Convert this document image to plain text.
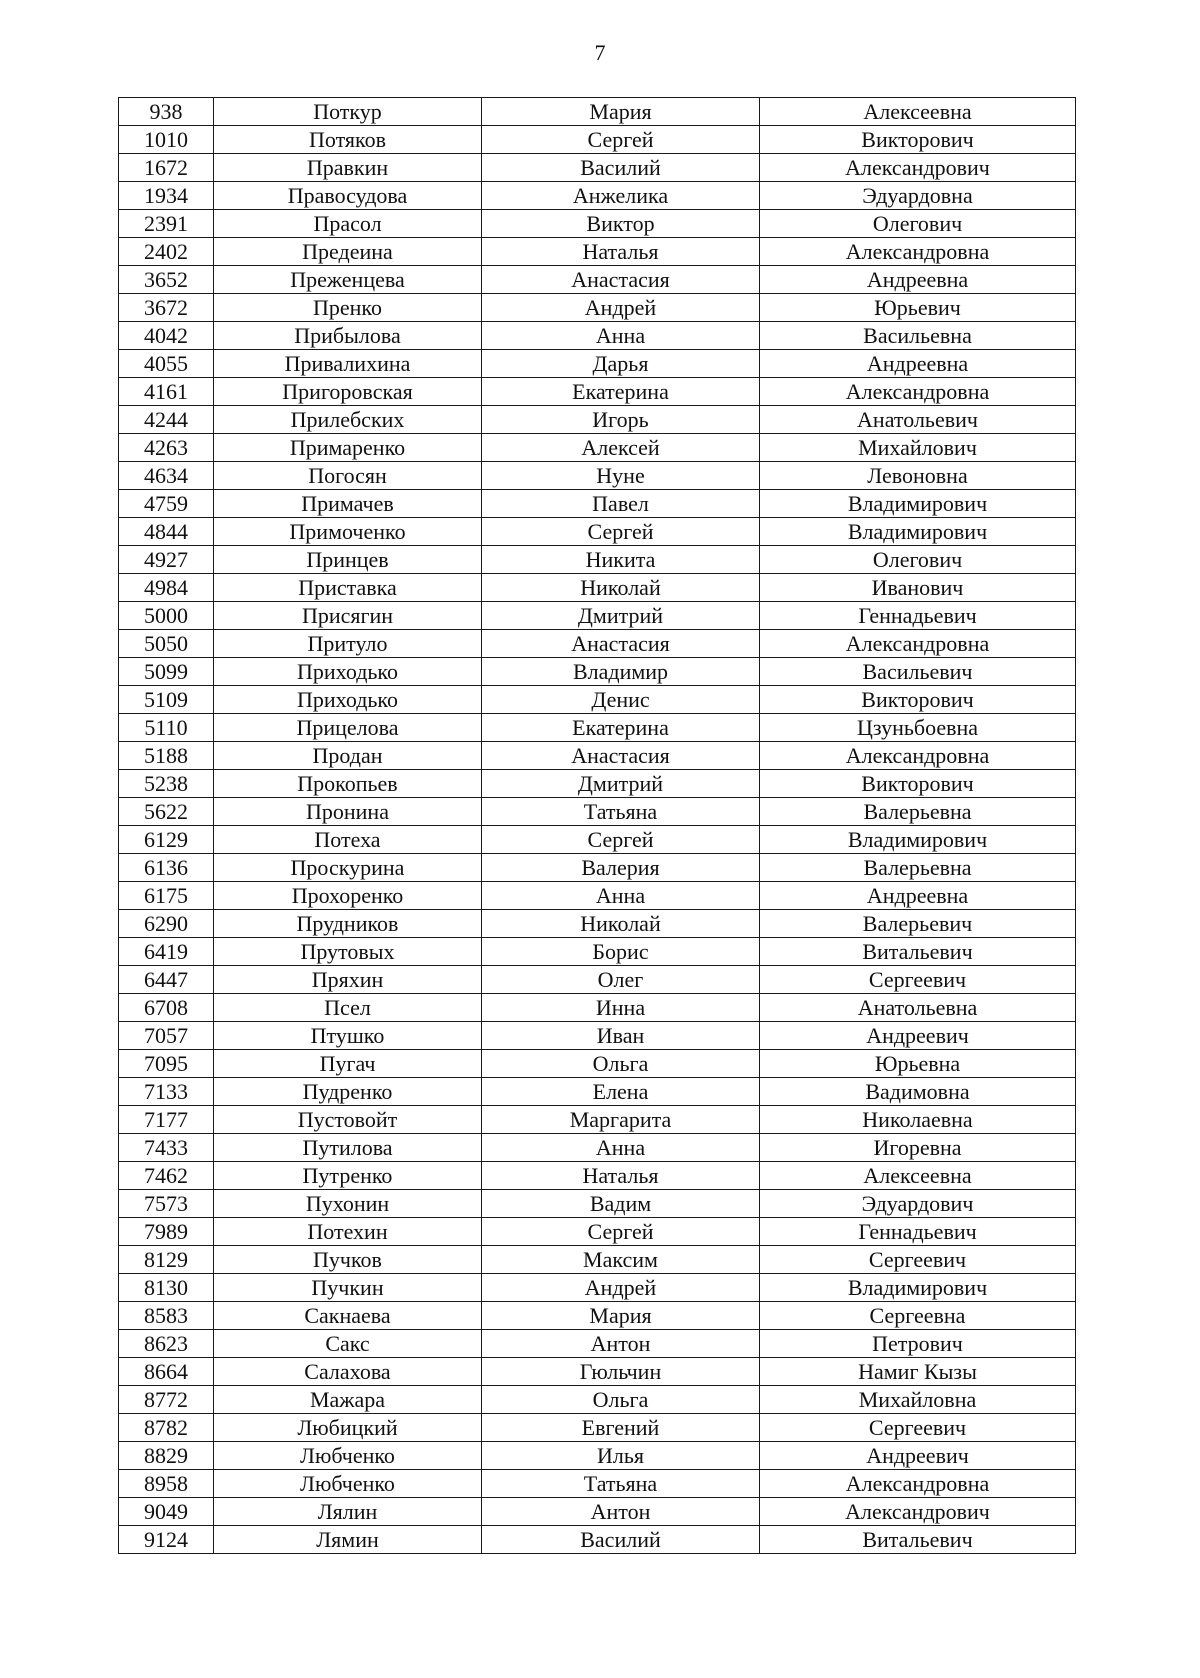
7
938	Поткур	Мария	Алексеевна
1010	Потяков	Сергей	Викторович
1672	Правкин	Василий	Александрович
1934	Правосудова	Анжелика	Эдуардовна
2391	Прасол	Виктор	Олегович
2402	Предеина	Наталья	Александровна
3652	Преженцева	Анастасия	Андреевна
3672	Пренко	Андрей	Юрьевич
4042	Прибылова	Анна	Васильевна
4055	Привалихина	Дарья	Андреевна
4161	Пригоровская	Екатерина	Александровна
4244	Прилебских	Игорь	Анатольевич
4263	Примаренко	Алексей	Михайлович
4634	Погосян	Нуне	Левоновна
4759	Примачев	Павел	Владимирович
4844	Примоченко	Сергей	Владимирович
4927	Принцев	Никита	Олегович
4984	Приставка	Николай	Иванович
5000	Присягин	Дмитрий	Геннадьевич
5050	Притуло	Анастасия	Александровна
5099	Приходько	Владимир	Васильевич
5109	Приходько	Денис	Викторович
5110	Прицелова	Екатерина	Цзуньбоевна
5188	Продан	Анастасия	Александровна
5238	Прокопьев	Дмитрий	Викторович
5622	Пронина	Татьяна	Валерьевна
6129	Потеха	Сергей	Владимирович
6136	Проскурина	Валерия	Валерьевна
6175	Прохоренко	Анна	Андреевна
6290	Прудников	Николай	Валерьевич
6419	Прутовых	Борис	Витальевич
6447	Пряхин	Олег	Сергеевич
6708	Псел	Инна	Анатольевна
7057	Птушко	Иван	Андреевич
7095	Пугач	Ольга	Юрьевна
7133	Пудренко	Елена	Вадимовна
7177	Пустовойт	Маргарита	Николаевна
7433	Путилова	Анна	Игоревна
7462	Путренко	Наталья	Алексеевна
7573	Пухонин	Вадим	Эдуардович
7989	Потехин	Сергей	Геннадьевич
8129	Пучков	Максим	Сергеевич
8130	Пучкин	Андрей	Владимирович
8583	Сакнаева	Мария	Сергеевна
8623	Сакс	Антон	Петрович
8664	Салахова	Гюльчин	Намиг Кызы
8772	Мажара	Ольга	Михайловна
8782	Любицкий	Евгений	Сергеевич
8829	Любченко	Илья	Андреевич
8958	Любченко	Татьяна	Александровна
9049	Лялин	Антон	Александрович
9124	Лямин	Василий	Витальевич
